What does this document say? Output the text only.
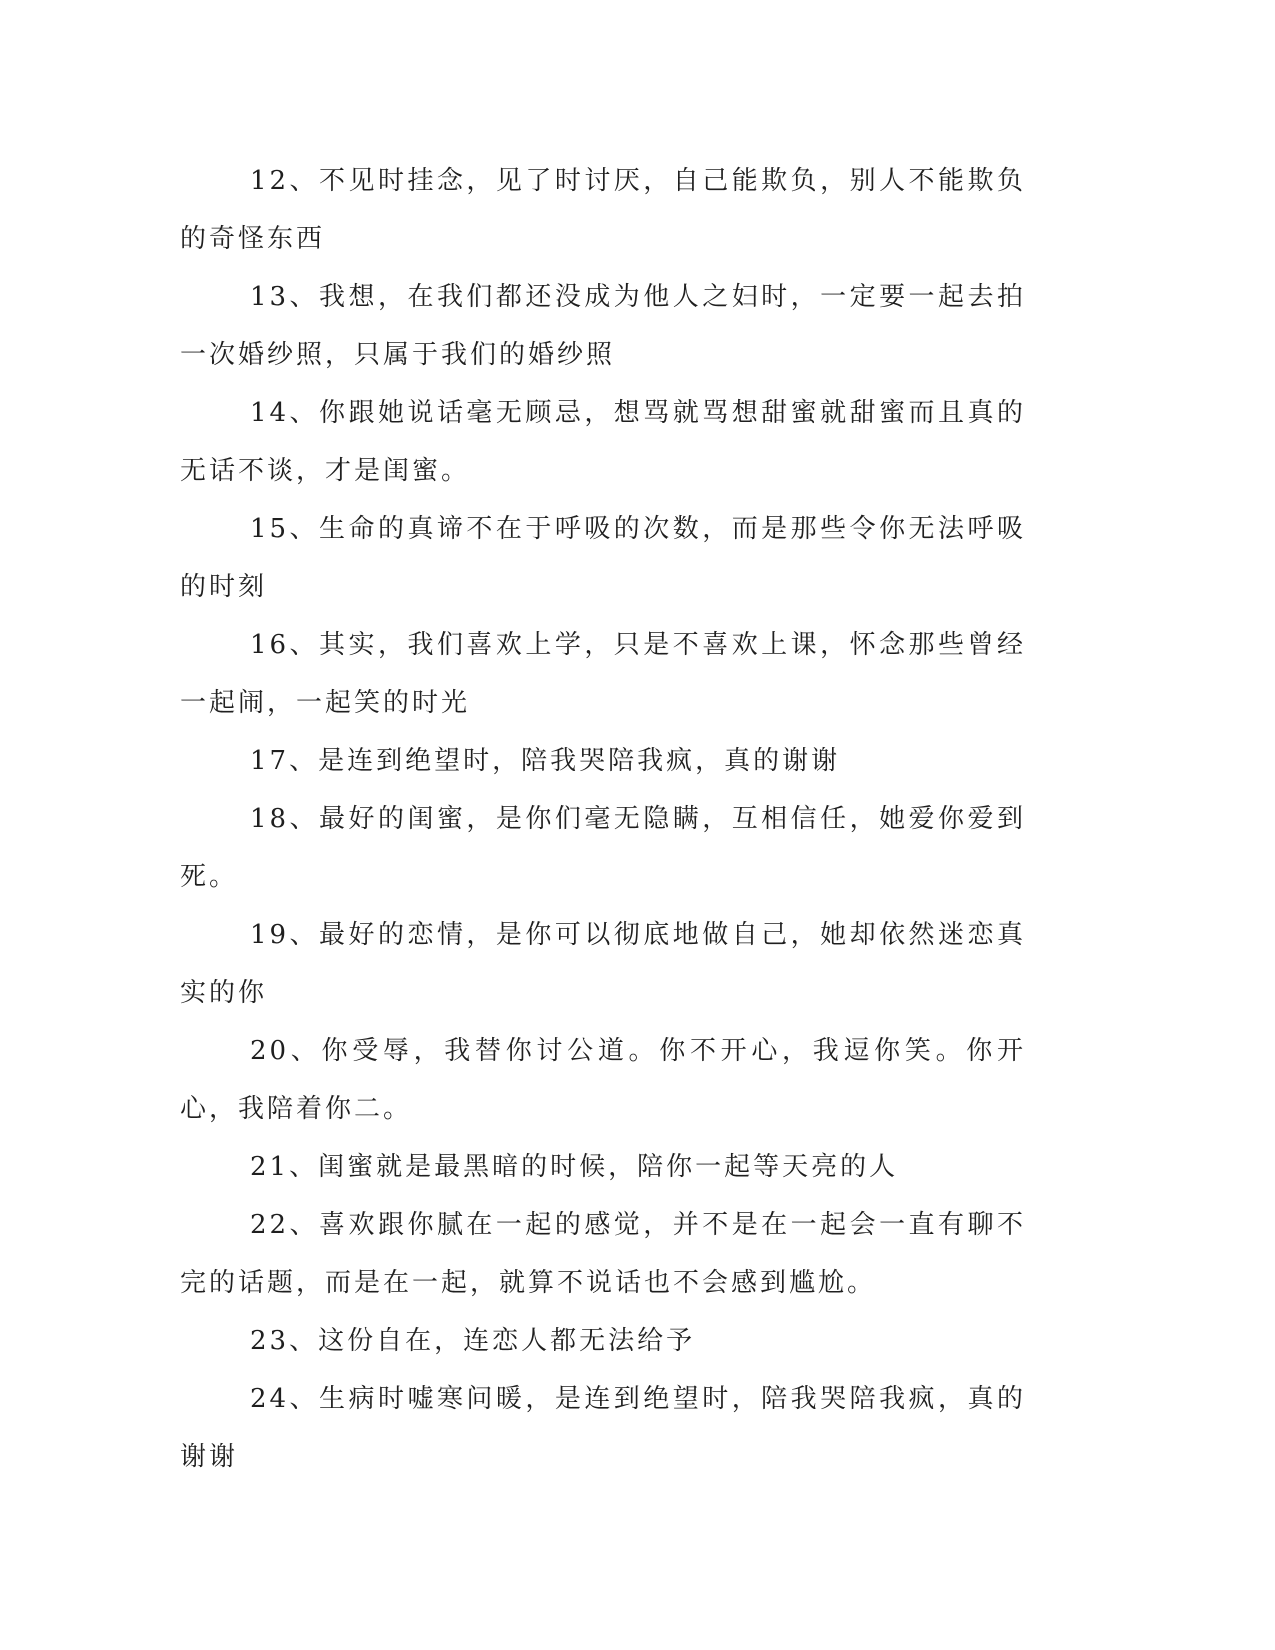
12、不见时挂念，见了时讨厌，自己能欺负，别人不能欺负的奇怪东西

13、我想，在我们都还没成为他人之妇时，一定要一起去拍一次婚纱照，只属于我们的婚纱照

14、你跟她说话毫无顾忌，想骂就骂想甜蜜就甜蜜而且真的无话不谈，才是闺蜜。

15、生命的真谛不在于呼吸的次数，而是那些令你无法呼吸的时刻

16、其实，我们喜欢上学，只是不喜欢上课，怀念那些曾经一起闹，一起笑的时光

17、是连到绝望时，陪我哭陪我疯，真的谢谢

18、最好的闺蜜，是你们毫无隐瞒，互相信任，她爱你爱到死。

19、最好的恋情，是你可以彻底地做自己，她却依然迷恋真实的你

20、你受辱，我替你讨公道。你不开心，我逗你笑。你开心，我陪着你二。

21、闺蜜就是最黑暗的时候，陪你一起等天亮的人

22、喜欢跟你腻在一起的感觉，并不是在一起会一直有聊不完的话题，而是在一起，就算不说话也不会感到尴尬。

23、这份自在，连恋人都无法给予

24、生病时嘘寒问暖，是连到绝望时，陪我哭陪我疯，真的谢谢
